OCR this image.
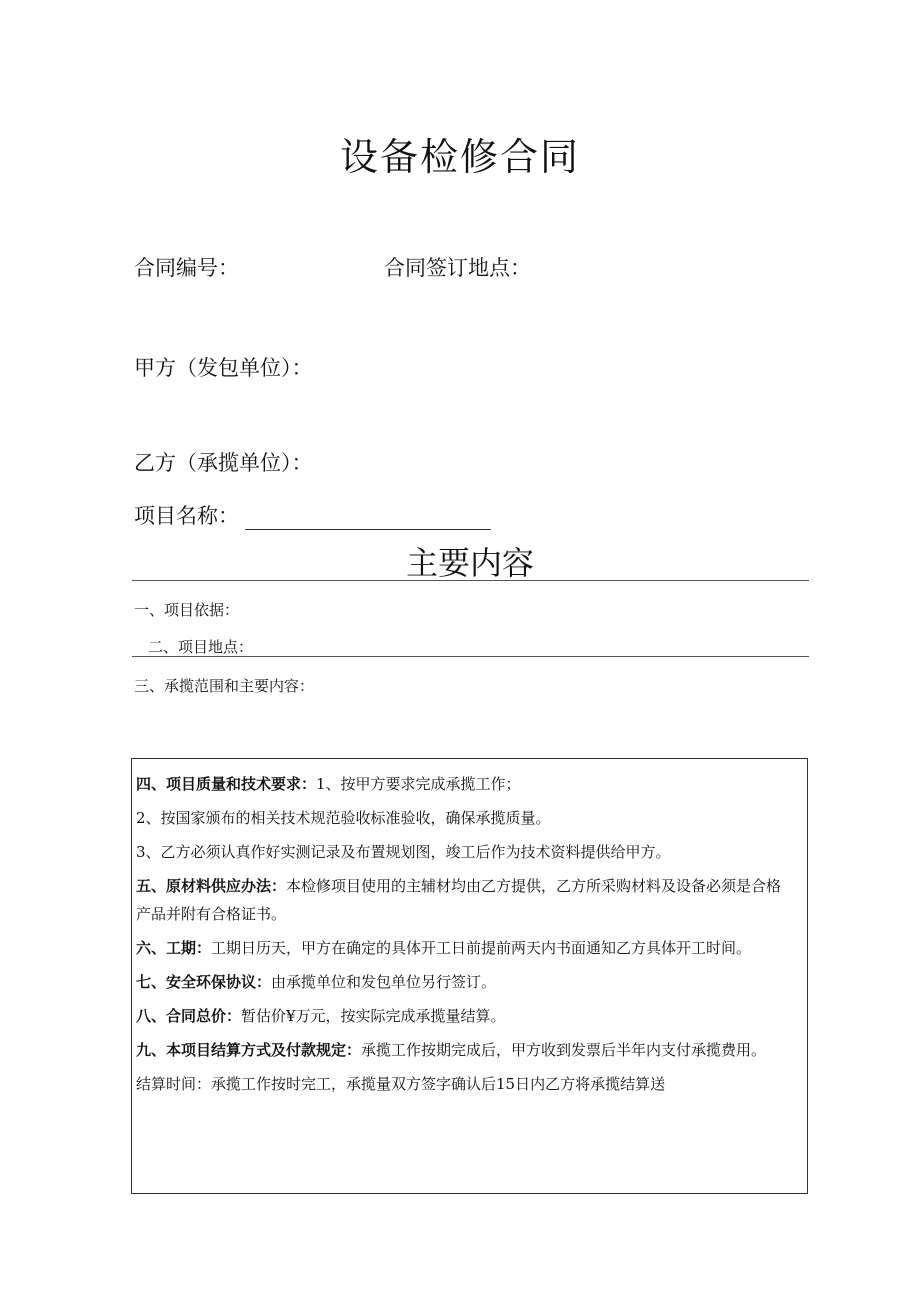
设备检修合同
合同编号：	合同签订地点：
甲方（发包单位）：
乙方（承揽单位）：
项目名称：
主要内容
一、项目依据：
二、项目地点：
三、承揽范围和主要内容：

四、项目质量和技术要求：1、按甲方要求完成承揽工作；

2、按国家颁布的相关技术规范验收标准验收，确保承揽质量。

3、乙方必须认真作好实测记录及布置规划图，竣工后作为技术资料提供给甲方。

五、原材料供应办法：本检修项目使用的主辅材均由乙方提供，乙方所采购材料及设备必须是合格产品并附有合格证书。

六、工期：工期日历天，甲方在确定的具体开工日前提前两天内书面通知乙方具体开工时间。

七、安全环保协议：由承揽单位和发包单位另行签订。

八、合同总价：暂估价¥万元，按实际完成承揽量结算。

九、本项目结算方式及付款规定：承揽工作按期完成后，甲方收到发票后半年内支付承揽费用。

结算时间：承揽工作按时完工，承揽量双方签字确认后15日内乙方将承揽结算送
